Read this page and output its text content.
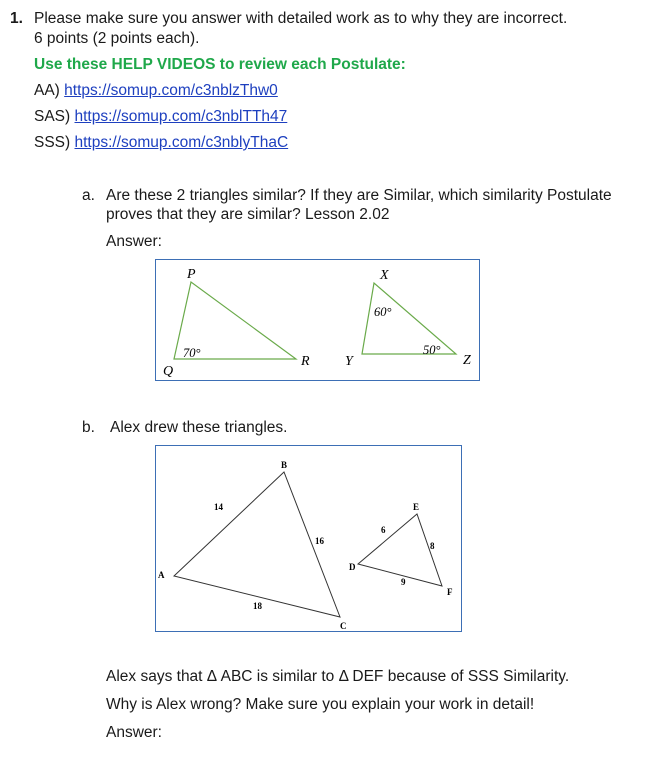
1. Please make sure you answer with detailed work as to why they are incorrect.
6 points (2 points each).
Use these HELP VIDEOS to review each Postulate:
AA) https://somup.com/c3nblzThw0
SAS) https://somup.com/c3nblTTh47
SSS) https://somup.com/c3nblyThaC
a. Are these 2 triangles similar? If they are Similar, which similarity Postulate
proves that they are similar? Lesson 2.02
Answer:
P
Q
R
X
Y	Z
70°
60°
50°
b. Alex drew these triangles.
A
B
C
D
E
F
14
16
18
6
8
9
Alex says that Δ ABC is similar to Δ DEF because of SSS Similarity.
Why is Alex wrong? Make sure you explain your work in detail!
Answer:
